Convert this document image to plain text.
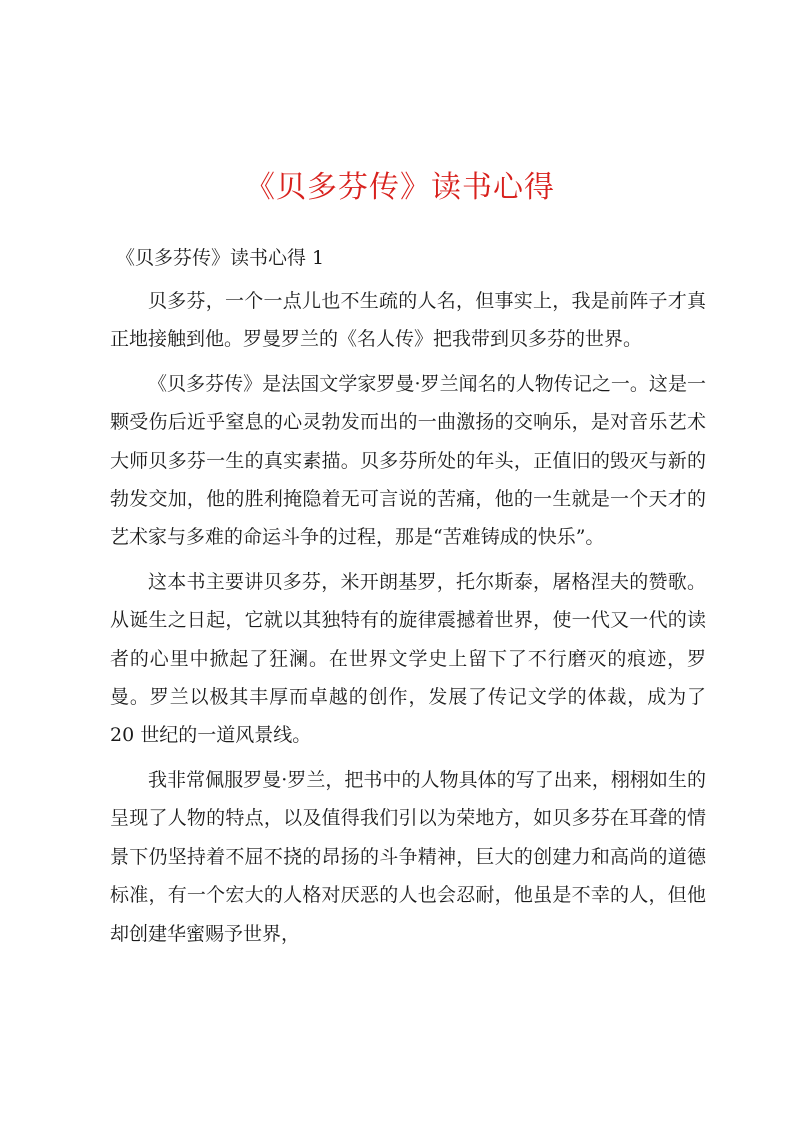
《贝多芬传》读书心得
《贝多芬传》读书心得 1

贝多芬，一个一点儿也不生疏的人名，但事实上，我是前阵子才真正地接触到他。罗曼罗兰的《名人传》把我带到贝多芬的世界。

《贝多芬传》是法国文学家罗曼·罗兰闻名的人物传记之一。这是一颗受伤后近乎窒息的心灵勃发而出的一曲激扬的交响乐，是对音乐艺术大师贝多芬一生的真实素描。贝多芬所处的年头，正值旧的毁灭与新的勃发交加，他的胜利掩隐着无可言说的苦痛，他的一生就是一个天才的艺术家与多难的命运斗争的过程，那是“苦难铸成的快乐”。

这本书主要讲贝多芬，米开朗基罗，托尔斯泰，屠格涅夫的赞歌。从诞生之日起，它就以其独特有的旋律震撼着世界，使一代又一代的读者的心里中掀起了狂澜。在世界文学史上留下了不行磨灭的痕迹，罗曼。罗兰以极其丰厚而卓越的创作，发展了传记文学的体裁，成为了 20 世纪的一道风景线。

我非常佩服罗曼·罗兰，把书中的人物具体的写了出来，栩栩如生的呈现了人物的特点，以及值得我们引以为荣地方，如贝多芬在耳聋的情景下仍坚持着不屈不挠的昂扬的斗争精神，巨大的创建力和高尚的道德标准，有一个宏大的人格对厌恶的人也会忍耐，他虽是不幸的人，但他却创建华蜜赐予世界，
